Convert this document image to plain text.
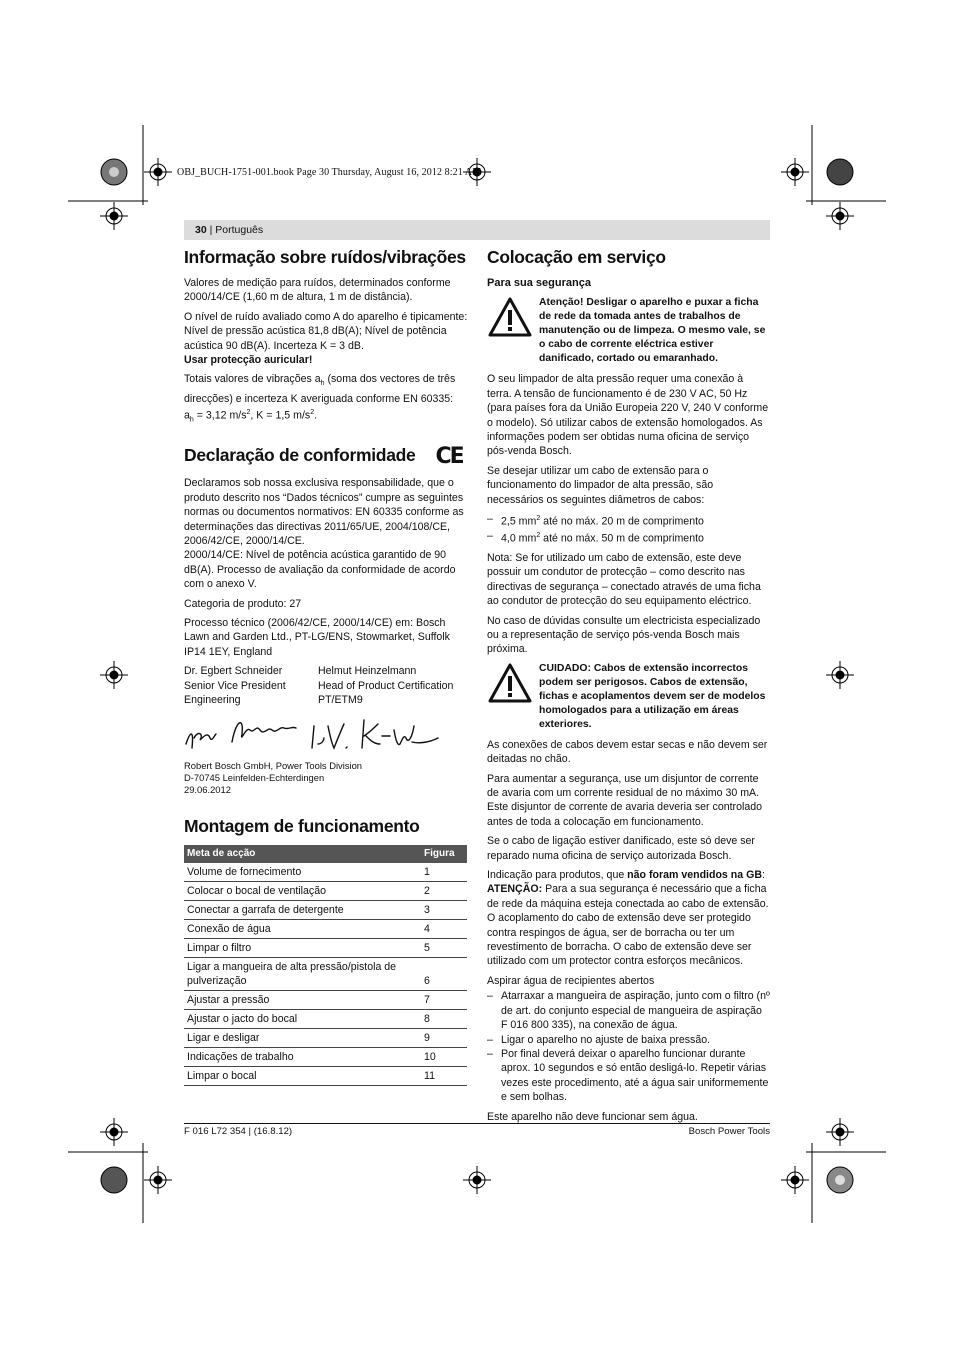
OBJ_BUCH-1751-001.book Page 30 Thursday, August 16, 2012 8:21 AM
30 | Português
Informação sobre ruídos/vibrações

Valores de medição para ruídos, determinados conforme 2000/14/CE (1,60 m de altura, 1 m de distância).

O nível de ruído avaliado como A do aparelho é tipicamente: Nível de pressão acústica 81,8 dB(A); Nível de potência acústica 90 dB(A). Incerteza K = 3 dB.

Usar protecção auricular!

Totais valores de vibrações $a_h$ (soma dos vectores de três direcções) e incerteza K averiguada conforme EN 60335:
$a_h = 3,12$ $m/s^2$, K = 1,5 $m/s^2$.

Declaração de conformidade CE

Declaramos sob nossa exclusiva responsabilidade, que o produto descrito nos “Dados técnicos” cumpre as seguintes normas ou documentos normativos: EN 60335 conforme as determinações das directivas 2011/65/UE, 2004/108/CE, 2006/42/CE, 2000/14/CE.

2000/14/CE: Nível de potência acústica garantido de 90 dB(A). Processo de avaliação da conformidade de acordo com o anexo V.

Categoria de produto: 27

Processo técnico (2006/42/CE, 2000/14/CE) em: Bosch Lawn and Garden Ltd., PT-LG/ENS, Stowmarket, Suffolk IP14 1EY, England

Dr. Egbert Schneider
Senior Vice President
Engineering
Helmut Heinzelmann
Head of Product Certification
PT/ETM9
Robert Bosch GmbH, Power Tools Division
D-70745 Leinfelden-Echterdingen
29.06.2012
Montagem de funcionamento
Meta de acção	Figura
Volume de fornecimento	1
Colocar o bocal de ventilação	2
Conectar a garrafa de detergente	3
Conexão de água	4
Limpar o filtro	5
Ligar a mangueira de alta pressão/pistola de pulverização	6
Ajustar a pressão	7
Ajustar o jacto do bocal	8
Ligar e desligar	9
Indicações de trabalho	10
Limpar o bocal	11
Colocação em serviço
Para sua segurança
Atenção! Desligar o aparelho e puxar a ficha de rede da tomada antes de trabalhos de manutenção ou de limpeza. O mesmo vale, se o cabo de corrente eléctrica estiver danificado, cortado ou emaranhado.

O seu limpador de alta pressão requer uma conexão à terra. A tensão de funcionamento é de 230 V AC, 50 Hz (para países fora da União Europeia 220 V, 240 V conforme o modelo). Só utilizar cabos de extensão homologados. As informações podem ser obtidas numa oficina de serviço pós-venda Bosch.

Se desejar utilizar um cabo de extensão para o funcionamento do limpador de alta pressão, são necessários os seguintes diâmetros de cabos:

– 2,5 $mm^2$ até no máx. 20 m de comprimento
– 4,0 $mm^2$ até no máx. 50 m de comprimento

Nota: Se for utilizado um cabo de extensão, este deve possuir um condutor de protecção – como descrito nas directivas de segurança – conectado através de uma ficha ao condutor de protecção do seu equipamento eléctrico.

No caso de dúvidas consulte um electricista especializado ou a representação de serviço pós-venda Bosch mais próxima.

CUIDADO: Cabos de extensão incorrectos podem ser perigosos. Cabos de extensão, fichas e acoplamentos devem ser de modelos homologados para a utilização em áreas exteriores.

As conexões de cabos devem estar secas e não devem ser deitadas no chão.

Para aumentar a segurança, use um disjuntor de corrente de avaria com um corrente residual de no máximo 30 mA. Este disjuntor de corrente de avaria deveria ser controlado antes de toda a colocação em funcionamento.

Se o cabo de ligação estiver danificado, este só deve ser reparado numa oficina de serviço autorizada Bosch.

Indicação para produtos, que não foram vendidos na GB:

ATENÇÃO: Para a sua segurança é necessário que a ficha de rede da máquina esteja conectada ao cabo de extensão. O acoplamento do cabo de extensão deve ser protegido contra respingos de água, ser de borracha ou ter um revestimento de borracha. O cabo de extensão deve ser utilizado com um protector contra esforços mecânicos.

Aspirar água de recipientes abertos

– Atarraxar a mangueira de aspiração, junto com o filtro (nº de art. do conjunto especial de mangueira de aspiração F 016 800 335), na conexão de água.
– Ligar o aparelho no ajuste de baixa pressão.
– Por final deverá deixar o aparelho funcionar durante aprox. 10 segundos e só então desligá-lo. Repetir várias vezes este procedimento, até a água sair uniformemente e sem bolhas.

Este aparelho não deve funcionar sem água.

F 016 L72 354 | (16.8.12)	Bosch Power Tools
